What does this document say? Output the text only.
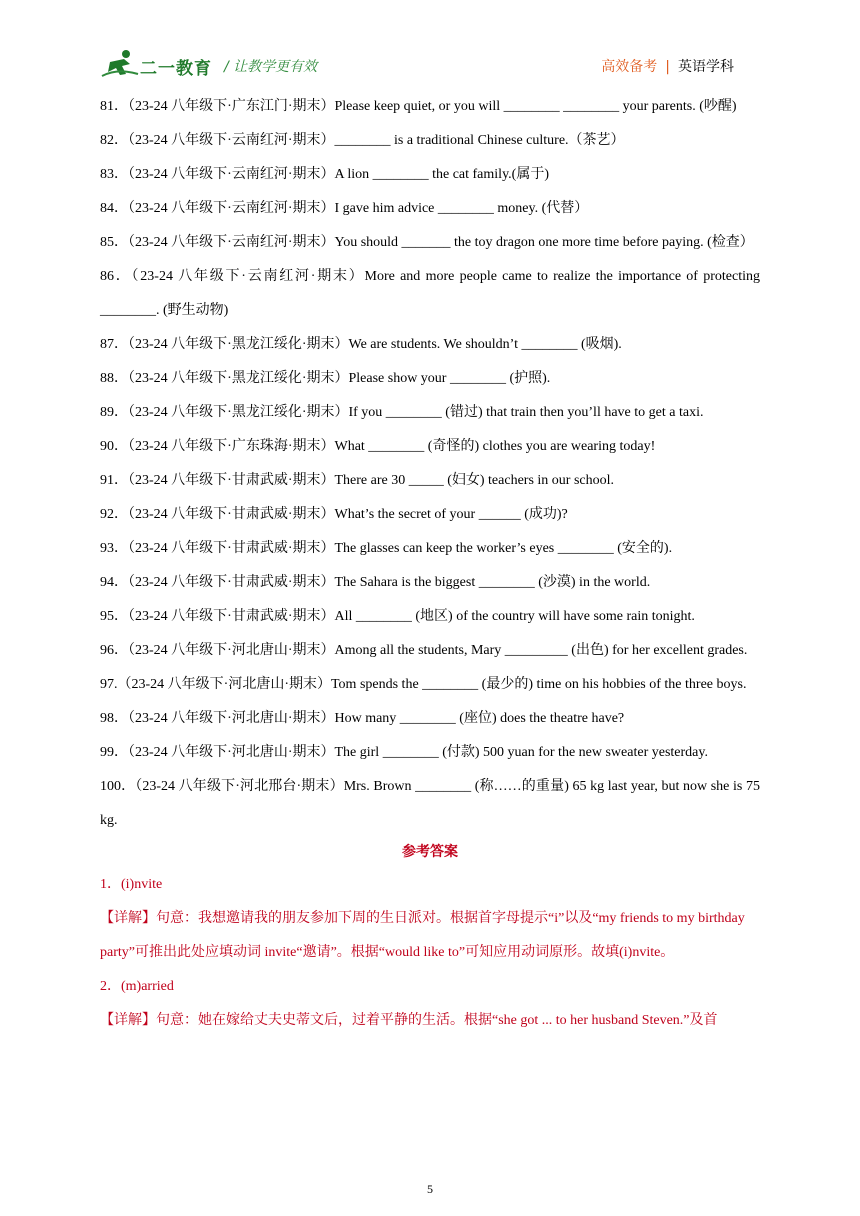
二一教育 / 让教学更有效	高效备考 | 英语学科

81．（23-24 八年级下·广东江门·期末）Please keep quiet, or you will ________ ________ your parents. (吵醒)

82．（23-24 八年级下·云南红河·期末）________ is a traditional Chinese culture.（茶艺）

83．（23-24 八年级下·云南红河·期末）A lion ________ the cat family.(属于)

84．（23-24 八年级下·云南红河·期末）I gave him advice ________ money. (代替）

85．（23-24 八年级下·云南红河·期末）You should _______ the toy dragon one more time before paying. (检查）

86．（23-24 八年级下·云南红河·期末）More and more people came to realize the importance of protecting ________. (野生动物)

87．（23-24 八年级下·黑龙江绥化·期末）We are students. We shouldn’t ________ (吸烟).

88．（23-24 八年级下·黑龙江绥化·期末）Please show your ________ (护照).

89．（23-24 八年级下·黑龙江绥化·期末）If you ________ (错过) that train then you’ll have to get a taxi.

90．（23-24 八年级下·广东珠海·期末）What ________ (奇怪的) clothes you are wearing today!

91．（23-24 八年级下·甘肃武威·期末）There are 30 _____ (妇女) teachers in our school.

92．（23-24 八年级下·甘肃武威·期末）What’s the secret of your ______ (成功)?

93．（23-24 八年级下·甘肃武威·期末）The glasses can keep the worker’s eyes ________ (安全的).

94．（23-24 八年级下·甘肃武威·期末）The Sahara is the biggest ________ (沙漠) in the world.

95．（23-24 八年级下·甘肃武威·期末）All ________ (地区) of the country will have some rain tonight.

96．（23-24 八年级下·河北唐山·期末）Among all the students, Mary _________ (出色) for her excellent grades.

97.（23-24 八年级下·河北唐山·期末）Tom spends the ________ (最少的) time on his hobbies of the three boys.

98．（23-24 八年级下·河北唐山·期末）How many ________ (座位) does the theatre have?

99．（23-24 八年级下·河北唐山·期末）The girl ________ (付款) 500 yuan for the new sweater yesterday.

100．（23-24 八年级下·河北邢台·期末）Mrs. Brown ________ (称……的重量) 65 kg last year, but now she is 75 kg.

参考答案

1．(i)nvite

【详解】句意：我想邀请我的朋友参加下周的生日派对。根据首字母提示“i”以及“my friends to my birthday party”可推出此处应填动词 invite“邀请”。根据“would like to”可知应用动词原形。故填(i)nvite。

2．(m)arried

【详解】句意：她在嫁给丈夫史蒂文后，过着平静的生活。根据“she got ... to her husband Steven.”及首

5
